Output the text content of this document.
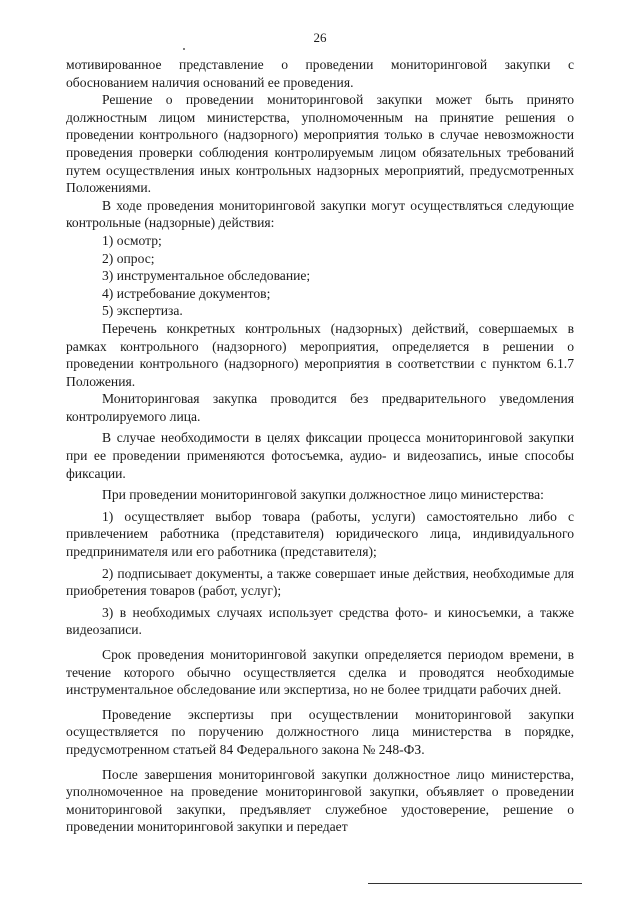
26

мотивированное представление о проведении мониторинговой закупки с обоснованием наличия оснований ее проведения.

Решение о проведении мониторинговой закупки может быть принято должностным лицом министерства, уполномоченным на принятие решения о проведении контрольного (надзорного) мероприятия только в случае невозможности проведения проверки соблюдения контролируемым лицом обязательных требований путем осуществления иных контрольных надзорных мероприятий, предусмотренных Положениями.

В ходе проведения мониторинговой закупки могут осуществляться следующие контрольные (надзорные) действия:

1) осмотр;

2) опрос;

3) инструментальное обследование;

4) истребование документов;

5) экспертиза.

Перечень конкретных контрольных (надзорных) действий, совершаемых в рамках контрольного (надзорного) мероприятия, определяется в решении о проведении контрольного (надзорного) мероприятия в соответствии с пунктом 6.1.7 Положения.

Мониторинговая закупка проводится без предварительного уведомления контролируемого лица.

В случае необходимости в целях фиксации процесса мониторинговой закупки при ее проведении применяются фотосъемка, аудио- и видеозапись, иные способы фиксации.

При проведении мониторинговой закупки должностное лицо министерства:

1) осуществляет выбор товара (работы, услуги) самостоятельно либо с привлечением работника (представителя) юридического лица, индивидуального предпринимателя или его работника (представителя);

2) подписывает документы, а также совершает иные действия, необходимые для приобретения товаров (работ, услуг);

3) в необходимых случаях использует средства фото- и киносъемки, а также видеозаписи.

Срок проведения мониторинговой закупки определяется периодом времени, в течение которого обычно осуществляется сделка и проводятся необходимые инструментальное обследование или экспертиза, но не более тридцати рабочих дней.

Проведение экспертизы при осуществлении мониторинговой закупки осуществляется по поручению должностного лица министерства в порядке, предусмотренном статьей 84 Федерального закона № 248-ФЗ.

После завершения мониторинговой закупки должностное лицо министерства, уполномоченное на проведение мониторинговой закупки, объявляет о проведении мониторинговой закупки, предъявляет служебное удостоверение, решение о проведении мониторинговой закупки и передает
